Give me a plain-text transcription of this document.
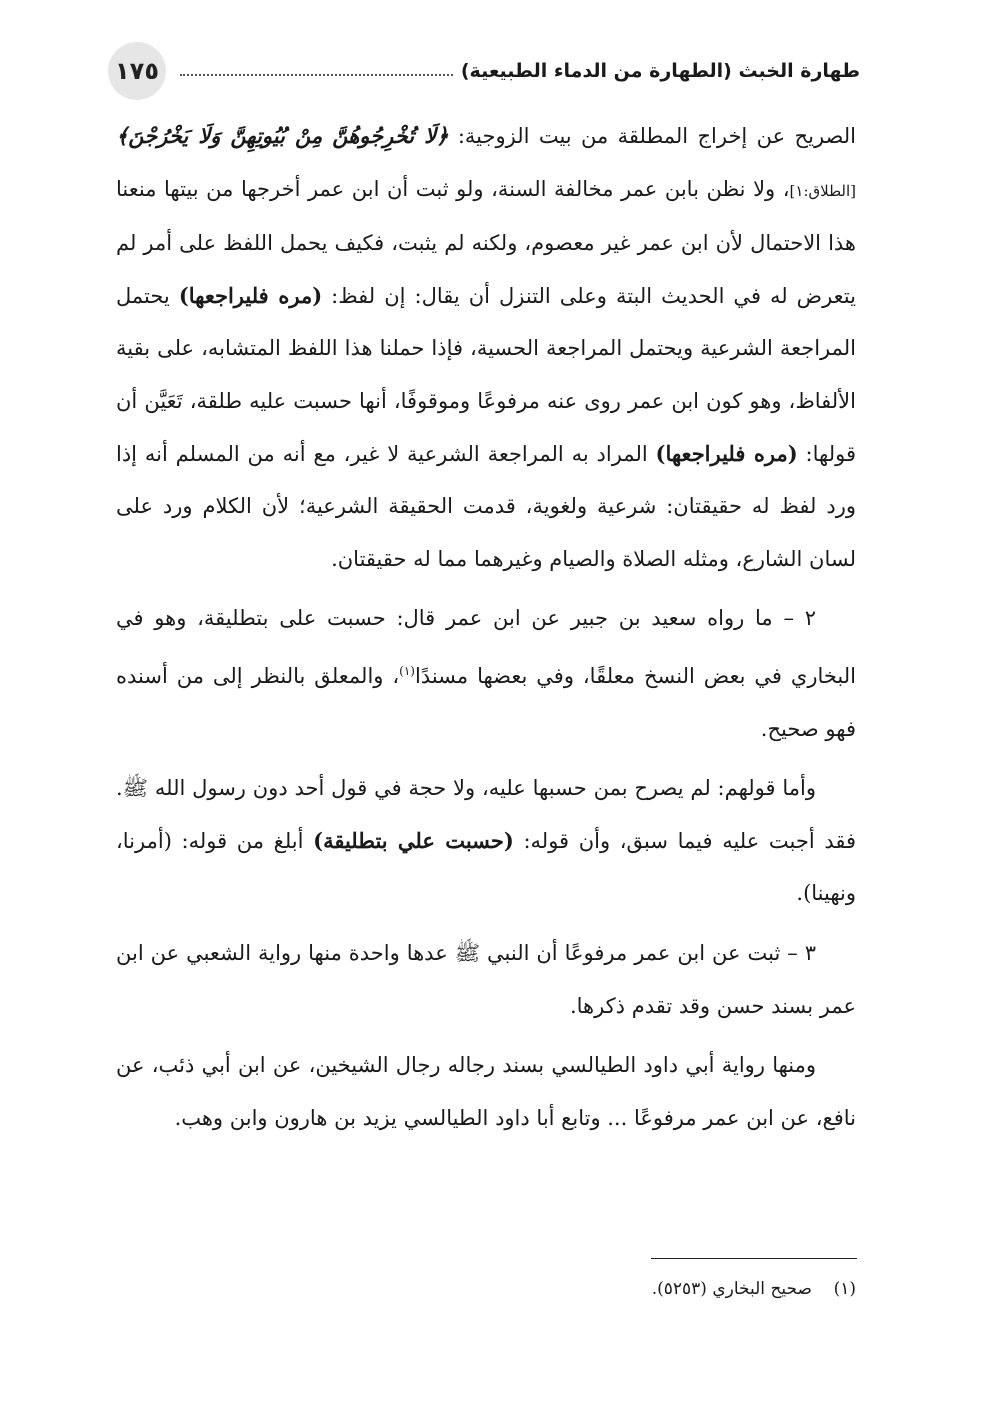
١٧٥	طهارة الخبث (الطهارة من الدماء الطبيعية)

الصريح عن إخراج المطلقة من بيت الزوجية: ﴿لَا تُخْرِجُوهُنَّ مِنْ بُيُوتِهِنَّ وَلَا يَخْرُجْنَ﴾ [الطلاق:١]، ولا نظن بابن عمر مخالفة السنة، ولو ثبت أن ابن عمر أخرجها من بيتها منعنا هذا الاحتمال لأن ابن عمر غير معصوم، ولكنه لم يثبت، فكيف يحمل اللفظ على أمر لم يتعرض له في الحديث البتة وعلى التنزل أن يقال: إن لفظ: (مره فليراجعها) يحتمل المراجعة الشرعية ويحتمل المراجعة الحسية، فإذا حملنا هذا اللفظ المتشابه، على بقية الألفاظ، وهو كون ابن عمر روى عنه مرفوعًا وموقوفًا، أنها حسبت عليه طلقة، تَعَيَّن أن قولها: (مره فليراجعها) المراد به المراجعة الشرعية لا غير، مع أنه من المسلم أنه إذا ورد لفظ له حقيقتان: شرعية ولغوية، قدمت الحقيقة الشرعية؛ لأن الكلام ورد على لسان الشارع، ومثله الصلاة والصيام وغيرهما مما له حقيقتان.

٢ – ما رواه سعيد بن جبير عن ابن عمر قال: حسبت على بتطليقة، وهو في البخاري في بعض النسخ معلقًا، وفي بعضها مسندًا$^{(١)}$، والمعلق بالنظر إلى من أسنده فهو صحيح.

وأما قولهم: لم يصرح بمن حسبها عليه، ولا حجة في قول أحد دون رسول الله ﷺ. فقد أجبت عليه فيما سبق، وأن قوله: (حسبت علي بتطليقة) أبلغ من قوله: (أمرنا، ونهينا).

٣ – ثبت عن ابن عمر مرفوعًا أن النبي ﷺ عدها واحدة منها رواية الشعبي عن ابن عمر بسند حسن وقد تقدم ذكرها.

ومنها رواية أبي داود الطيالسي بسند رجاله رجال الشيخين، عن ابن أبي ذئب، عن نافع، عن ابن عمر مرفوعًا ... وتابع أبا داود الطيالسي يزيد بن هارون وابن وهب.

(١)    صحيح البخاري (٥٢٥٣).
